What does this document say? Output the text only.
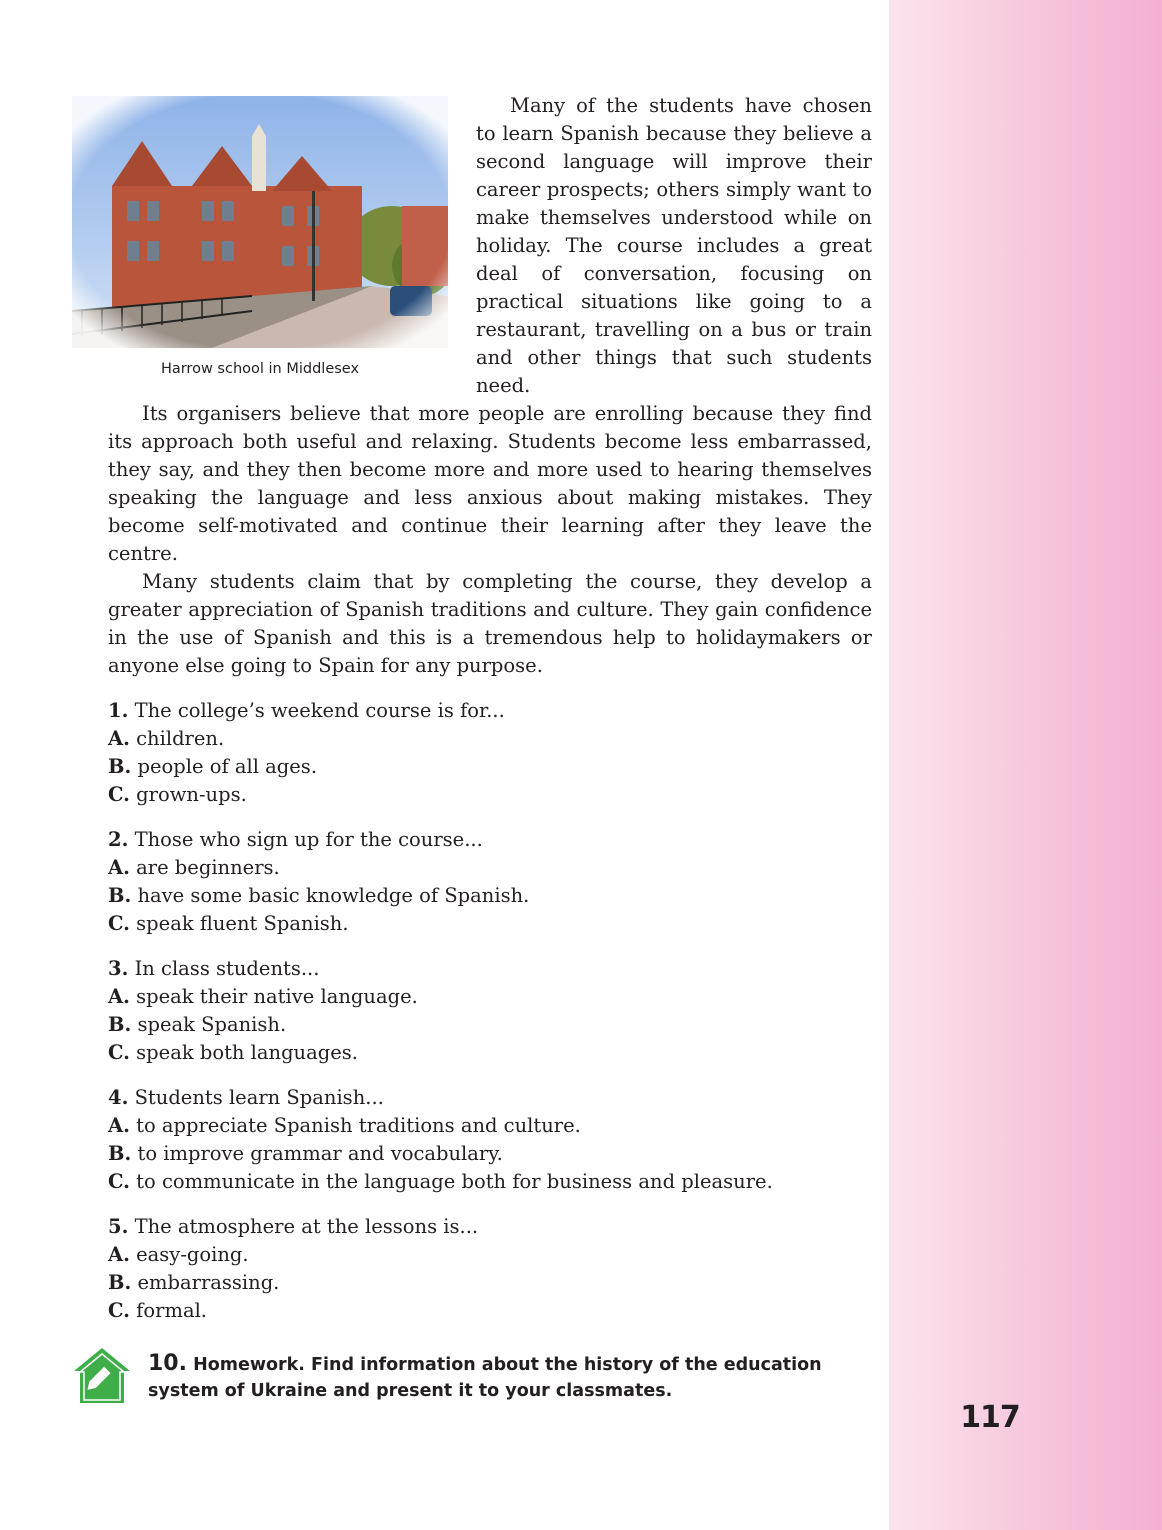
Harrow school in Middlesex

Many of the students have chosen to learn Spanish because they believe a second language will improve their career prospects; others simply want to make themselves understood while on holiday. The course includes a great deal of conversation, focusing on practical situations like going to a restaurant, travelling on a bus or train and other things that such students need.

Its organisers believe that more people are enrolling because they find its approach both useful and relaxing. Students become less embarrassed, they say, and they then become more and more used to hearing themselves speaking the language and less anxious about making mistakes. They become self-motivated and continue their learning after they leave the centre.

Many students claim that by completing the course, they develop a greater appreciation of Spanish traditions and culture. They gain confidence in the use of Spanish and this is a tremendous help to holidaymakers or anyone else going to Spain for any purpose.

1. The college’s weekend course is for...
A. children.
B. people of all ages.
C. grown-ups.
2. Those who sign up for the course...
A. are beginners.
B. have some basic knowledge of Spanish.
C. speak fluent Spanish.
3. In class students...
A. speak their native language.
B. speak Spanish.
C. speak both languages.
4. Students learn Spanish...
A. to appreciate Spanish traditions and culture.
B. to improve grammar and vocabulary.
C. to communicate in the language both for business and pleasure.
5. The atmosphere at the lessons is...
A. easy-going.
B. embarrassing.
C. formal.
10. Homework. Find information about the history of the education system of Ukraine and present it to your classmates.
117
